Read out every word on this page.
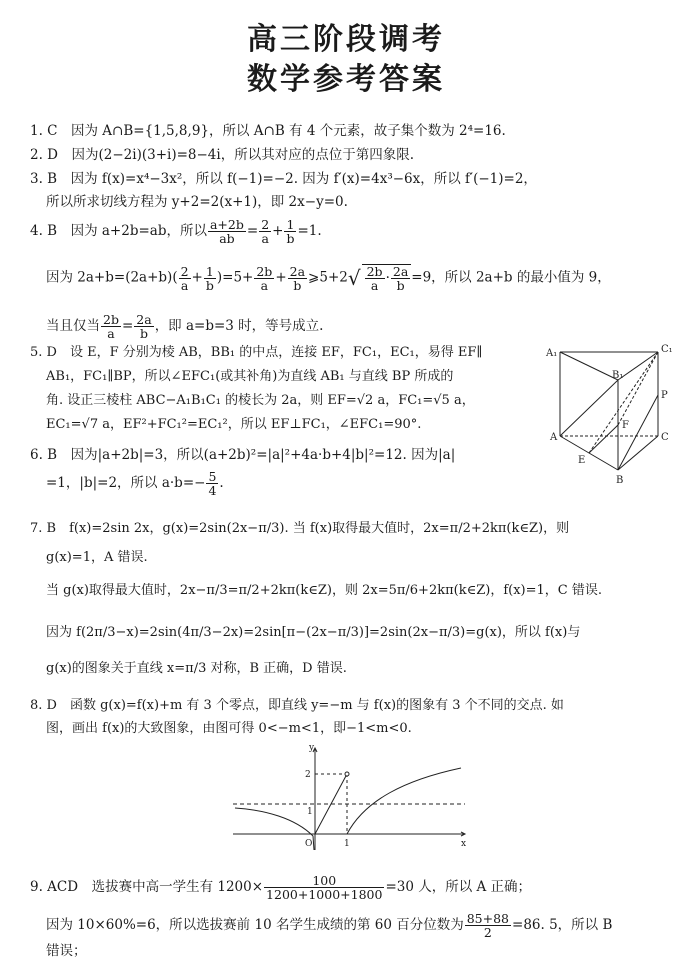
高三阶段调考
数学参考答案
1. C　因为 A∩B={1,5,8,9}，所以 A∩B 有 4 个元素，故子集个数为 2⁴=16.
2. D　因为(2−2i)(3+i)=8−4i，所以其对应的点位于第四象限.
3. B　因为 f(x)=x⁴−3x²，所以 f(−1)=−2. 因为 f′(x)=4x³−6x，所以 f′(−1)=2，
所以所求切线方程为 y+2=2(x+1)，即 2x−y=0.
4. B　因为 a+2b=ab，所以 $\frac{a+2b}{ab} = \frac{2}{a} + \frac{1}{b} =1$.
因为 $2a+b=(2a+b)( \frac{2}{a} + \frac{1}{b} )=5+ \frac{2b}{a} + \frac{2a}{b}$ ⩾5+2√ $\frac{2b}{a} \cdot \frac{2a}{b} =9$，所以 2a+b 的最小值为 9，
当且仅当 $\frac{2b}{a} = \frac{2a}{b}$ ，即 a=b=3 时，等号成立.
5. D　设 E，F 分别为棱 AB，BB₁ 的中点，连接 EF，FC₁，EC₁，易得 EF∥
AB₁，FC₁∥BP，所以∠EFC₁(或其补角)为直线 AB₁ 与直线 BP 所成的
角. 设正三棱柱 ABC−A₁B₁C₁ 的棱长为 2a，则 EF=√2 a，FC₁=√5 a，
EC₁=√7 a，EF²+FC₁²=EC₁²，所以 EF⊥FC₁，∠EFC₁=90°.
A₁	C₁
B₁
P
A
F
C
E
B
6. B　因为|a+2b|=3，所以(a+2b)²=|a|²+4a·b+4|b|²=12. 因为|a|
=1，|b|=2，所以 $a\cdot b=- \frac{5}{4}$ .
7. B　f(x)=2sin 2x，g(x)=2sin(2x−π/3). 当 f(x)取得最大值时，2x=π/2+2kπ(k∈Z)，则
g(x)=1，A 错误.
当 g(x)取得最大值时，2x−π/3=π/2+2kπ(k∈Z)，则 2x=5π/6+2kπ(k∈Z)，f(x)=1，C 错误.
因为 f(2π/3−x)=2sin(4π/3−2x)=2sin[π−(2x−π/3)]=2sin(2x−π/3)=g(x)，所以 f(x)与
g(x)的图象关于直线 x=π/3 对称，B 正确，D 错误.
8. D　函数 g(x)=f(x)+m 有 3 个零点，即直线 y=−m 与 f(x)的图象有 3 个不同的交点. 如
图，画出 f(x)的大致图象，由图可得 0<−m<1，即−1<m<0.
y
x
2
1
O	1
9. ACD　选拔赛中高一学生有 $1200\times \frac{100}{1200+1000+1800} =30$ 人，所以 A 正确；
因为 10×60%=6，所以选拔赛前 10 名学生成绩的第 60 百分位数为 $\frac{85+88}{2} =86$. 5，所以 B
错误；
